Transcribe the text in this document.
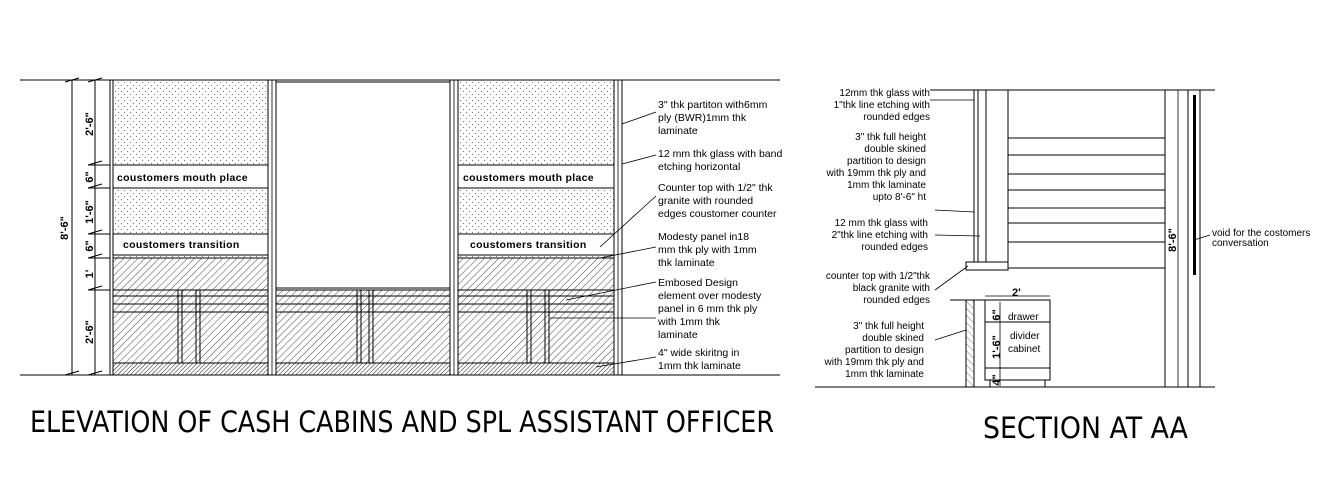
coustomers mouth place
coustomers transition
coustomers mouth place
coustomers transition
8'-6"
2'-6"
6"
1'-6"
6"
1'
2'-6"
3" thk partiton with6mm
ply (BWR)1mm thk
laminate
12 mm thk glass with band
etching horizontal
Counter top with 1/2" thk
granite with rounded
edges coustomer counter
Modesty panel in18
mm thk ply with 1mm
thk laminate
Embosed Design
element over modesty
panel in 6 mm thk ply
with 1mm thk
laminate
4" wide skiritng in
1mm thk laminate
ELEVATION OF CASH CABINS AND SPL ASSISTANT OFFICER
2'
6"
1'-6"
4"
drawer
divider
cabinet
8'-6"
12mm thk glass with
1"thk line etching with
rounded edges
3" thk full height
double skined
partition to design
with 19mm thk ply and
1mm thk laminate
upto 8'-6" ht
12 mm thk glass with
2"thk line etching with
rounded edges
counter top with 1/2"thk
black granite with
rounded edges
3" thk full height
double skined
partition to design
with 19mm thk ply and
1mm thk laminate
void for the costomers
conversation
SECTION AT AA
